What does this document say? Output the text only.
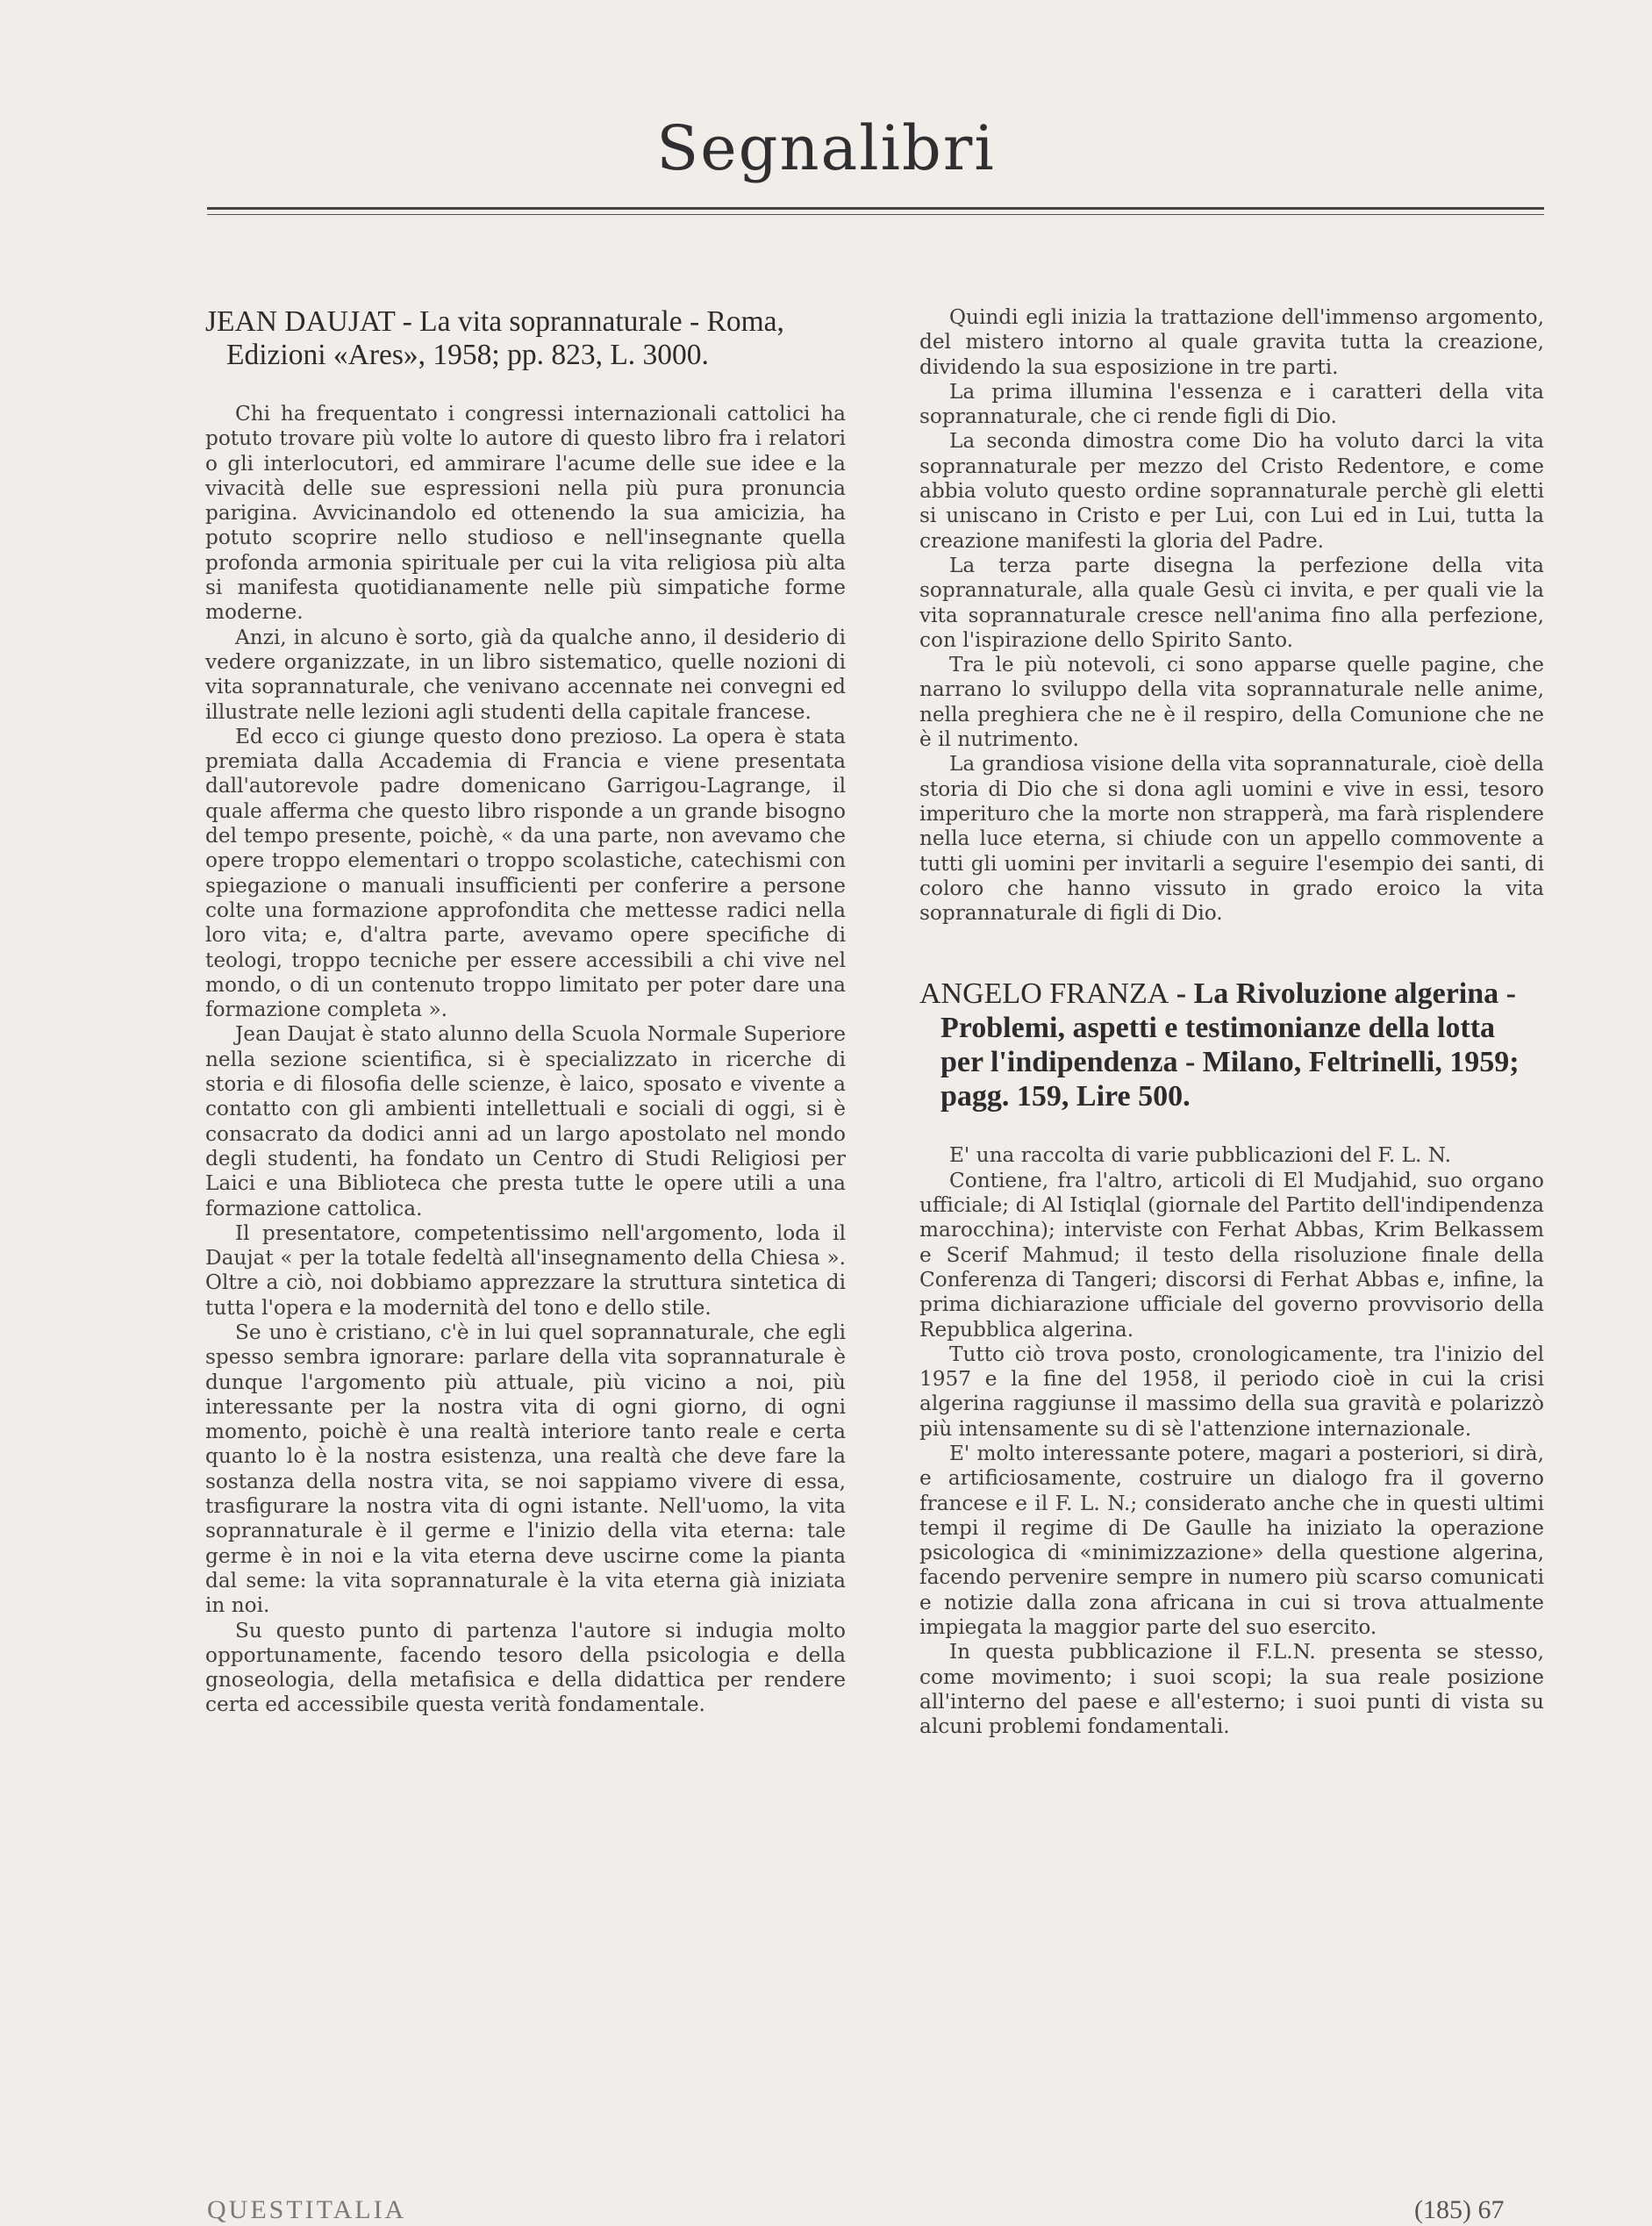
Segnalibri
JEAN DAUJAT - La vita soprannaturale - Roma, Edizioni «Ares», 1958; pp. 823, L. 3000.

Chi ha frequentato i congressi internazionali cattolici ha potuto trovare più volte lo autore di questo libro fra i relatori o gli interlocutori, ed ammirare l'acume delle sue idee e la vivacità delle sue espressioni nella più pura pronuncia parigina. Avvicinandolo ed ottenendo la sua amicizia, ha potuto scoprire nello studioso e nell'insegnante quella profonda armonia spirituale per cui la vita religiosa più alta si manifesta quotidianamente nelle più simpatiche forme moderne.

Anzi, in alcuno è sorto, già da qualche anno, il desiderio di vedere organizzate, in un libro sistematico, quelle nozioni di vita soprannaturale, che venivano accennate nei convegni ed illustrate nelle lezioni agli studenti della capitale francese.

Ed ecco ci giunge questo dono prezioso. La opera è stata premiata dalla Accademia di Francia e viene presentata dall'autorevole padre domenicano Garrigou-Lagrange, il quale afferma che questo libro risponde a un grande bisogno del tempo presente, poichè, « da una parte, non avevamo che opere troppo elementari o troppo scolastiche, catechismi con spiegazione o manuali insufficienti per conferire a persone colte una formazione approfondita che mettesse radici nella loro vita; e, d'altra parte, avevamo opere specifiche di teologi, troppo tecniche per essere accessibili a chi vive nel mondo, o di un contenuto troppo limitato per poter dare una formazione completa ».

Jean Daujat è stato alunno della Scuola Normale Superiore nella sezione scientifica, si è specializzato in ricerche di storia e di filosofia delle scienze, è laico, sposato e vivente a contatto con gli ambienti intellettuali e sociali di oggi, si è consacrato da dodici anni ad un largo apostolato nel mondo degli studenti, ha fondato un Centro di Studi Religiosi per Laici e una Biblioteca che presta tutte le opere utili a una formazione cattolica.

Il presentatore, competentissimo nell'argomento, loda il Daujat « per la totale fedeltà all'insegnamento della Chiesa ». Oltre a ciò, noi dobbiamo apprezzare la struttura sintetica di tutta l'opera e la modernità del tono e dello stile.

Se uno è cristiano, c'è in lui quel soprannaturale, che egli spesso sembra ignorare: parlare della vita soprannaturale è dunque l'argomento più attuale, più vicino a noi, più interessante per la nostra vita di ogni giorno, di ogni momento, poichè è una realtà interiore tanto reale e certa quanto lo è la nostra esistenza, una realtà che deve fare la sostanza della nostra vita, se noi sappiamo vivere di essa, trasfigurare la nostra vita di ogni istante. Nell'uomo, la vita soprannaturale è il germe e l'inizio della vita eterna: tale germe è in noi e la vita eterna deve uscirne come la pianta dal seme: la vita soprannaturale è la vita eterna già iniziata in noi.

Su questo punto di partenza l'autore si indugia molto opportunamente, facendo tesoro della psicologia e della gnoseologia, della metafisica e della didattica per rendere certa ed accessibile questa verità fondamentale.

Quindi egli inizia la trattazione dell'immenso argomento, del mistero intorno al quale gravita tutta la creazione, dividendo la sua esposizione in tre parti.

La prima illumina l'essenza e i caratteri della vita soprannaturale, che ci rende figli di Dio.

La seconda dimostra come Dio ha voluto darci la vita soprannaturale per mezzo del Cristo Redentore, e come abbia voluto questo ordine soprannaturale perchè gli eletti si uniscano in Cristo e per Lui, con Lui ed in Lui, tutta la creazione manifesti la gloria del Padre.

La terza parte disegna la perfezione della vita soprannaturale, alla quale Gesù ci invita, e per quali vie la vita soprannaturale cresce nell'anima fino alla perfezione, con l'ispirazione dello Spirito Santo.

Tra le più notevoli, ci sono apparse quelle pagine, che narrano lo sviluppo della vita soprannaturale nelle anime, nella preghiera che ne è il respiro, della Comunione che ne è il nutrimento.

La grandiosa visione della vita soprannaturale, cioè della storia di Dio che si dona agli uomini e vive in essi, tesoro imperituro che la morte non strapperà, ma farà risplendere nella luce eterna, si chiude con un appello commovente a tutti gli uomini per invitarli a seguire l'esempio dei santi, di coloro che hanno vissuto in grado eroico la vita soprannaturale di figli di Dio.

ANGELO FRANZA - La Rivoluzione algerina - Problemi, aspetti e testimonianze della lotta per l'indipendenza - Milano, Feltrinelli, 1959; pagg. 159, Lire 500.

E' una raccolta di varie pubblicazioni del F. L. N.

Contiene, fra l'altro, articoli di El Mudjahid, suo organo ufficiale; di Al Istiqlal (giornale del Partito dell'indipendenza marocchina); interviste con Ferhat Abbas, Krim Belkassem e Scerif Mahmud; il testo della risoluzione finale della Conferenza di Tangeri; discorsi di Ferhat Abbas e, infine, la prima dichiarazione ufficiale del governo provvisorio della Repubblica algerina.

Tutto ciò trova posto, cronologicamente, tra l'inizio del 1957 e la fine del 1958, il periodo cioè in cui la crisi algerina raggiunse il massimo della sua gravità e polarizzò più intensamente su di sè l'attenzione internazionale.

E' molto interessante potere, magari a posteriori, si dirà, e artificiosamente, costruire un dialogo fra il governo francese e il F. L. N.; considerato anche che in questi ultimi tempi il regime di De Gaulle ha iniziato la operazione psicologica di «minimizzazione» della questione algerina, facendo pervenire sempre in numero più scarso comunicati e notizie dalla zona africana in cui si trova attualmente impiegata la maggior parte del suo esercito.

In questa pubblicazione il F.L.N. presenta se stesso, come movimento; i suoi scopi; la sua reale posizione all'interno del paese e all'esterno; i suoi punti di vista su alcuni problemi fondamentali.

QUESTITALIA	(185) 67
